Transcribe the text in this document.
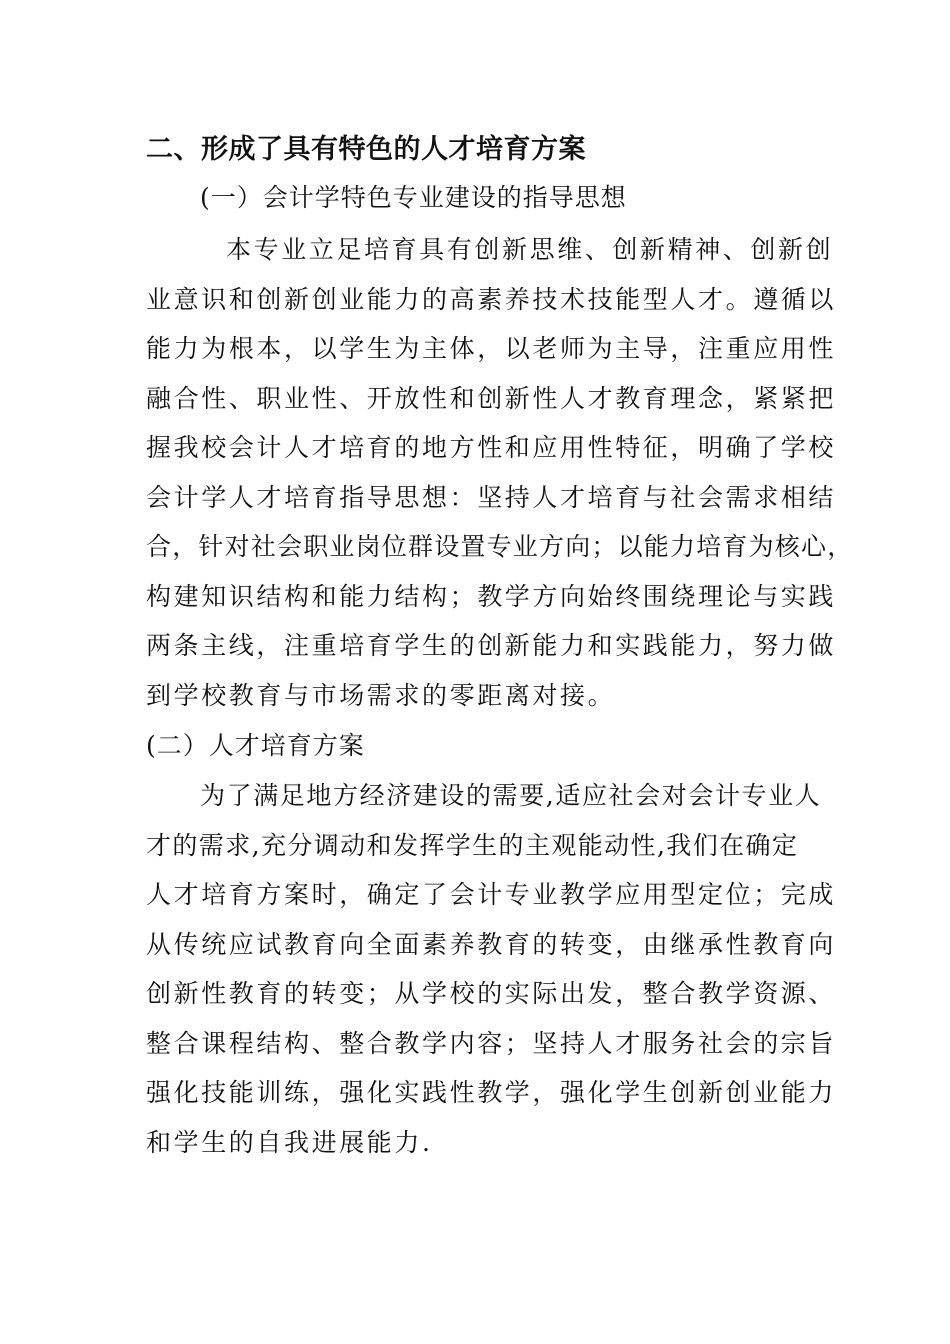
二、形成了具有特色的人才培育方案
(一）会计学特色专业建设的指导思想
本专业立足培育具有创新思维、创新精神、创新创
业意识和创新创业能力的高素养技术技能型人才。遵循以
能力为根本，以学生为主体，以老师为主导，注重应用性
融合性、职业性、开放性和创新性人才教育理念，紧紧把
握我校会计人才培育的地方性和应用性特征，明确了学校
会计学人才培育指导思想：坚持人才培育与社会需求相结
合，针对社会职业岗位群设置专业方向；以能力培育为核心，
构建知识结构和能力结构；教学方向始终围绕理论与实践
两条主线，注重培育学生的创新能力和实践能力，努力做
到学校教育与市场需求的零距离对接。
(二）人才培育方案
为了满足地方经济建设的需要,适应社会对会计专业人
才的需求,充分调动和发挥学生的主观能动性,我们在确定
人才培育方案时，确定了会计专业教学应用型定位；完成
从传统应试教育向全面素养教育的转变，由继承性教育向
创新性教育的转变；从学校的实际出发，整合教学资源、
整合课程结构、整合教学内容；坚持人才服务社会的宗旨
强化技能训练，强化实践性教学，强化学生创新创业能力
和学生的自我进展能力.
